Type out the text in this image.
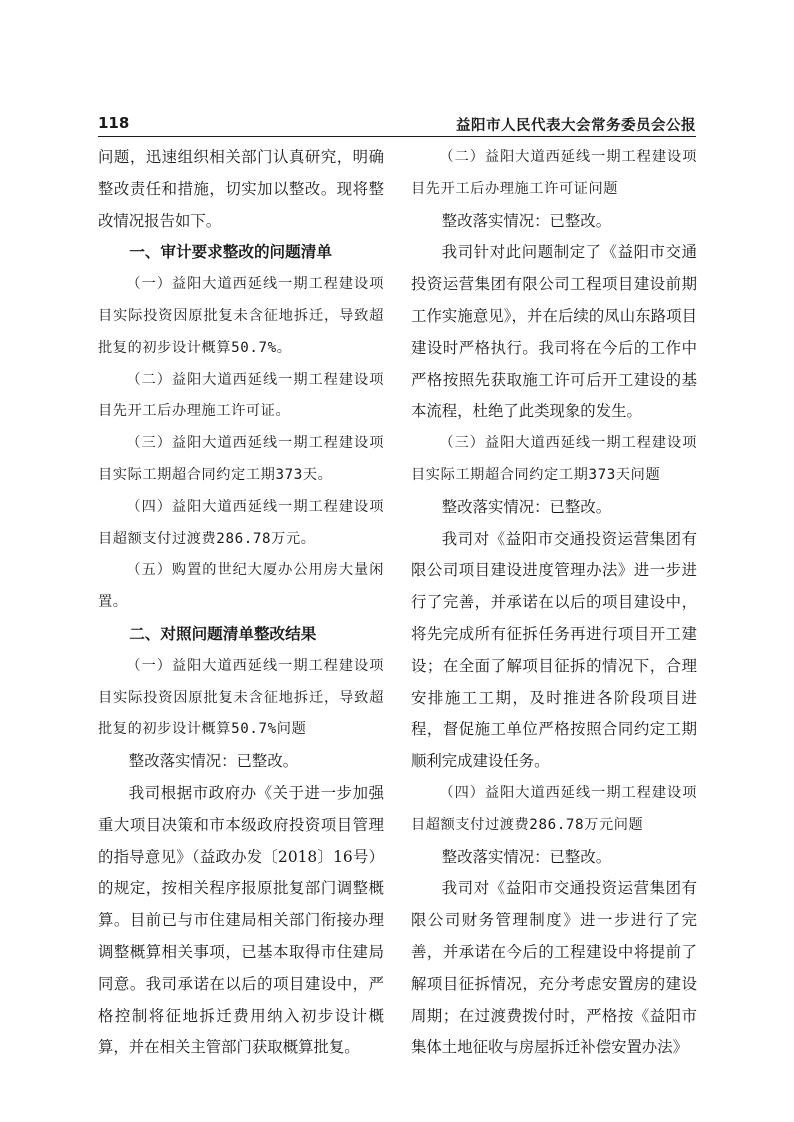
118	益阳市人民代表大会常务委员会公报

问题，迅速组织相关部门认真研究，明确整改责任和措施，切实加以整改。现将整改情况报告如下。

一、审计要求整改的问题清单

（一）益阳大道西延线一期工程建设项目实际投资因原批复未含征地拆迁，导致超批复的初步设计概算50.7%。

（二）益阳大道西延线一期工程建设项目先开工后办理施工许可证。

（三）益阳大道西延线一期工程建设项目实际工期超合同约定工期373天。

（四）益阳大道西延线一期工程建设项目超额支付过渡费286.78万元。

（五）购置的世纪大厦办公用房大量闲置。

二、对照问题清单整改结果

（一）益阳大道西延线一期工程建设项目实际投资因原批复未含征地拆迁，导致超批复的初步设计概算50.7%问题

整改落实情况：已整改。

我司根据市政府办《关于进一步加强重大项目决策和市本级政府投资项目管理的指导意见》（益政办发〔2018〕16号）的规定，按相关程序报原批复部门调整概算。目前已与市住建局相关部门衔接办理调整概算相关事项，已基本取得市住建局同意。我司承诺在以后的项目建设中，严格控制将征地拆迁费用纳入初步设计概算，并在相关主管部门获取概算批复。

（二）益阳大道西延线一期工程建设项目先开工后办理施工许可证问题

整改落实情况：已整改。

我司针对此问题制定了《益阳市交通投资运营集团有限公司工程项目建设前期工作实施意见》，并在后续的凤山东路项目建设时严格执行。我司将在今后的工作中严格按照先获取施工许可后开工建设的基本流程，杜绝了此类现象的发生。

（三）益阳大道西延线一期工程建设项目实际工期超合同约定工期373天问题

整改落实情况：已整改。

我司对《益阳市交通投资运营集团有限公司项目建设进度管理办法》进一步进行了完善，并承诺在以后的项目建设中，将先完成所有征拆任务再进行项目开工建设；在全面了解项目征拆的情况下，合理安排施工工期，及时推进各阶段项目进程，督促施工单位严格按照合同约定工期顺利完成建设任务。

（四）益阳大道西延线一期工程建设项目超额支付过渡费286.78万元问题

整改落实情况：已整改。

我司对《益阳市交通投资运营集团有限公司财务管理制度》进一步进行了完善，并承诺在今后的工程建设中将提前了解项目征拆情况，充分考虑安置房的建设周期；在过渡费拨付时，严格按《益阳市集体土地征收与房屋拆迁补偿安置办法》
